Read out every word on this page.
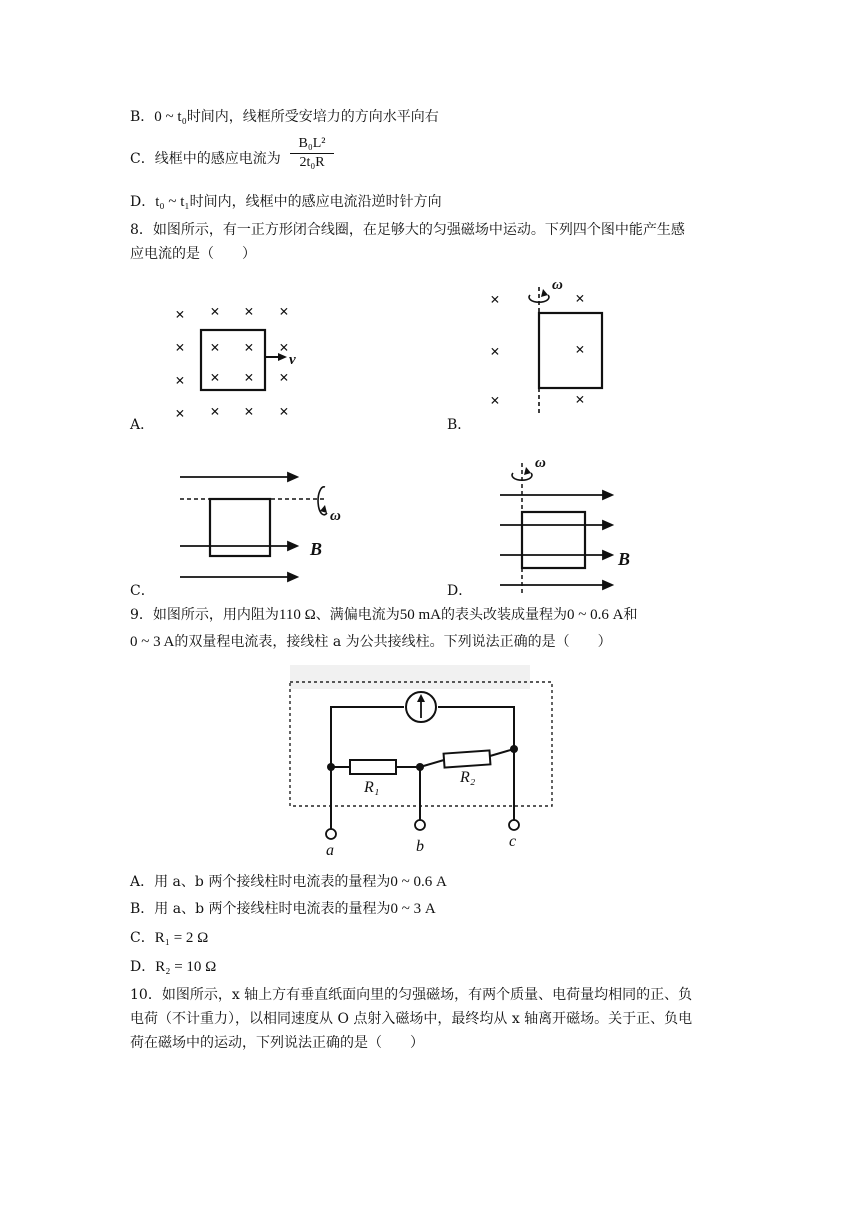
B．0 ~ t₀时间内，线框所受安培力的方向水平向右
C．线框中的感应电流为 $\frac{\text{B₀L²}}{\text{2t₀R}}$
D．t₀ ~ t₁时间内，线框中的感应电流沿逆时针方向
8．如图所示，有一正方形闭合线圈，在足够大的匀强磁场中运动。下列四个图中能产生感
应电流的是（　　）
× × × ×
× × × ×
× × × ×
× × × ×
v
A．
×	×
×	×
×	×
ω
B．
ω
B
C．
ω
B
D．
9．如图所示，用内阻为110 Ω、满偏电流为50 mA的表头改装成量程为0 ~ 0.6 A和
0 ~ 3 A的双量程电流表，接线柱 a 为公共接线柱。下列说法正确的是（　　）
R₁
R₂
a	b	c
A．用 a、b 两个接线柱时电流表的量程为0 ~ 0.6 A
B．用 a、b 两个接线柱时电流表的量程为0 ~ 3 A
C．R₁ = 2 Ω
D．R₂ = 10 Ω
10．如图所示，x 轴上方有垂直纸面向里的匀强磁场，有两个质量、电荷量均相同的正、负
电荷（不计重力），以相同速度从 O 点射入磁场中，最终均从 x 轴离开磁场。关于正、负电
荷在磁场中的运动，下列说法正确的是（　　）
